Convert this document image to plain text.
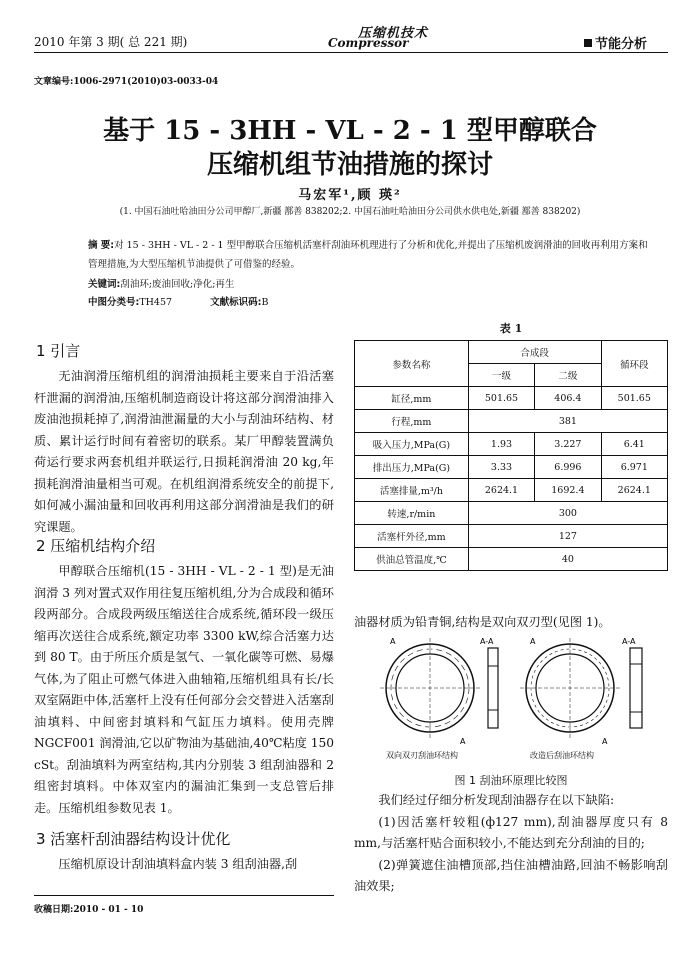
2010 年第 3 期( 总 221 期)
压缩机技术
Compressor	节能分析
文章编号:1006-2971(2010)03-0033-04
基于 15 - 3HH - VL - 2 - 1 型甲醇联合
压缩机组节油措施的探讨
马宏军¹,顾 瑛²
(1. 中国石油吐哈油田分公司甲醇厂,新疆 鄯善 838202;2. 中国石油吐哈油田分公司供水供电处,新疆 鄯善 838202)
摘 要:对 15 - 3HH - VL - 2 - 1 型甲醇联合压缩机活塞杆刮油环机理进行了分析和优化,并提出了压缩机废润滑油的回收再利用方案和管理措施,为大型压缩机节油提供了可借鉴的经验。
关键词:刮油环;废油回收;净化;再生
中图分类号:TH457	文献标识码:B
1 引言

无油润滑压缩机组的润滑油损耗主要来自于沿活塞杆泄漏的润滑油,压缩机制造商设计将这部分润滑油排入废油池损耗掉了,润滑油泄漏量的大小与刮油环结构、材质、累计运行时间有着密切的联系。某厂甲醇装置满负荷运行要求两套机组并联运行,日损耗润滑油 20 kg,年损耗润滑油量相当可观。在机组润滑系统安全的前提下,如何减小漏油量和回收再利用这部分润滑油是我们的研究课题。

2 压缩机结构介绍

甲醇联合压缩机(15 - 3HH - VL - 2 - 1 型)是无油润滑 3 列对置式双作用往复压缩机组,分为合成段和循环段两部分。合成段两级压缩送往合成系统,循环段一级压缩再次送往合成系统,额定功率 3300 kW,综合活塞力达到 80 T。由于所压介质是氢气、一氧化碳等可燃、易爆气体,为了阻止可燃气体进入曲轴箱,压缩机组具有长/长双室隔距中体,活塞杆上没有任何部分会交替进入活塞刮油填料、中间密封填料和气缸压力填料。使用壳牌 NGCF001 润滑油,它以矿物油为基础油,40℃粘度 150 cSt。刮油填料为两室结构,其内分别装 3 组刮油器和 2 组密封填料。中体双室内的漏油汇集到一支总管后排走。压缩机组参数见表 1。

3 活塞杆刮油器结构设计优化

压缩机原设计刮油填料盒内装 3 组刮油器,刮

收稿日期:2010 - 01 - 10
表 1
参数名称	合成段		循环段
	一级	二级	
缸径,mm	501.65	406.4	501.65
行程,mm	381		
吸入压力,MPa(G)	1.93	3.227	6.41
排出压力,MPa(G)	3.33	6.996	6.971
活塞排量,m³/h	2624.1	1692.4	2624.1
转速,r/min	300		
活塞杆外径,mm	127		
供油总管温度,℃	40		
油器材质为铅青铜,结构是双向双刃型(见图 1)。
A	A-A
A
A	A-A
A
双向双刃刮油环结构	改造后刮油环结构
图 1 刮油环原理比较图

我们经过仔细分析发现刮油器存在以下缺陷:

(1)因活塞杆较粗(ф127 mm),刮油器厚度只有 8 mm,与活塞杆贴合面积较小,不能达到充分刮油的目的;

(2)弹簧遮住油槽顶部,挡住油槽油路,回油不畅影响刮油效果;
